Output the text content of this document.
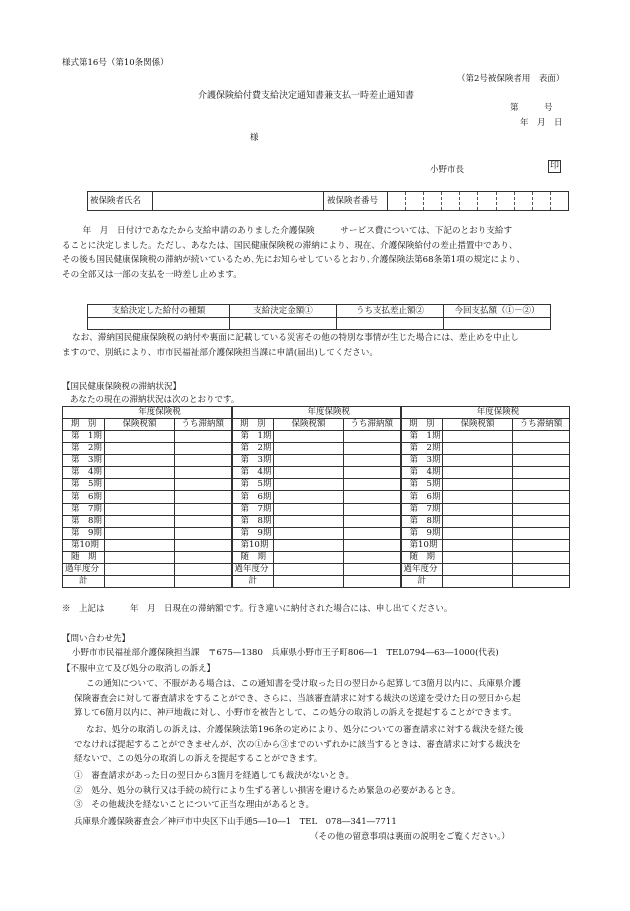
様式第16号（第10条関係）
（第2号被保険者用　表面）
介護保険給付費支給決定通知書兼支払一時差止通知書
第　　　号
年　月　日
様
小野市長	印
被保険者氏名		被保険者番号	
　年　月　日付けであなたから支給申請のありました介護保険　　　サービス費については、下記のとおり支給す
ることに決定しました。ただし、あなたは、国民健康保険税の滞納により、現在、介護保険給付の差止措置中であり、
その後も国民健康保険税の滞納が続いているため､先にお知らせしているとおり､介護保険法第68条第1項の規定により、
その全部又は一部の支払を一時差し止めます。
支給決定した給付の種類	支給決定金額①	うち支払差止額②	今回支払額（①－②）

なお、滞納国民健康保険税の納付や裏面に記載している災害その他の特別な事情が生じた場合には、差止めを中止し
ますので、別紙により、市市民福祉部介護保険担当課に申請(届出)してください。
【国民健康保険税の滞納状況】
あなたの現在の滞納状況は次のとおりです。
年度保険税			年度保険税			年度保険税		
期　別	保険税額	うち滞納額	期　別	保険税額	うち滞納額	期　別	保険税額	うち滞納額
第　1期			第　1期			第　1期		
第　2期			第　2期			第　2期		
第　3期			第　3期			第　3期		
第　4期			第　4期			第　4期		
第　5期			第　5期			第　5期		
第　6期			第　6期			第　6期		
第　7期			第　7期			第　7期		
第　8期			第　8期			第　8期		
第　9期			第　9期			第　9期		
第10期			第10期			第10期		
随　期			随　期			随　期		
過年度分			過年度分			過年度分		
計			計			計		
※　上記は　　　年　月　日現在の滞納額です。行き違いに納付された場合には、申し出てください。
【問い合わせ先】
小野市市民福祉部介護保険担当課　〒675―1380　兵庫県小野市王子町806―1　TEL0794―63―1000(代表)
【不服申立て及び処分の取消しの訴え】
この通知について、不服がある場合は、この通知書を受け取った日の翌日から起算して3箇月以内に、兵庫県介護
保険審査会に対して審査請求をすることができ、さらに、当該審査請求に対する裁決の送達を受けた日の翌日から起
算して6箇月以内に、神戸地裁に対し、小野市を被告として、この処分の取消しの訴えを提起することができます。
なお、処分の取消しの訴えは、介護保険法第196条の定めにより、処分についての審査請求に対する裁決を経た後
でなければ提起することができませんが、次の①から③までのいずれかに該当するときは、審査請求に対する裁決を
経ないで、この処分の取消しの訴えを提起することができます。
①　審査請求があった日の翌日から3箇月を経過しても裁決がないとき。
②　処分、処分の執行又は手続の続行により生ずる著しい損害を避けるため緊急の必要があるとき。
③　その他裁決を経ないことについて正当な理由があるとき。
兵庫県介護保険審査会／神戸市中央区下山手通5―10―1　TEL　078―341―7711
（その他の留意事項は裏面の説明をご覧ください。）
